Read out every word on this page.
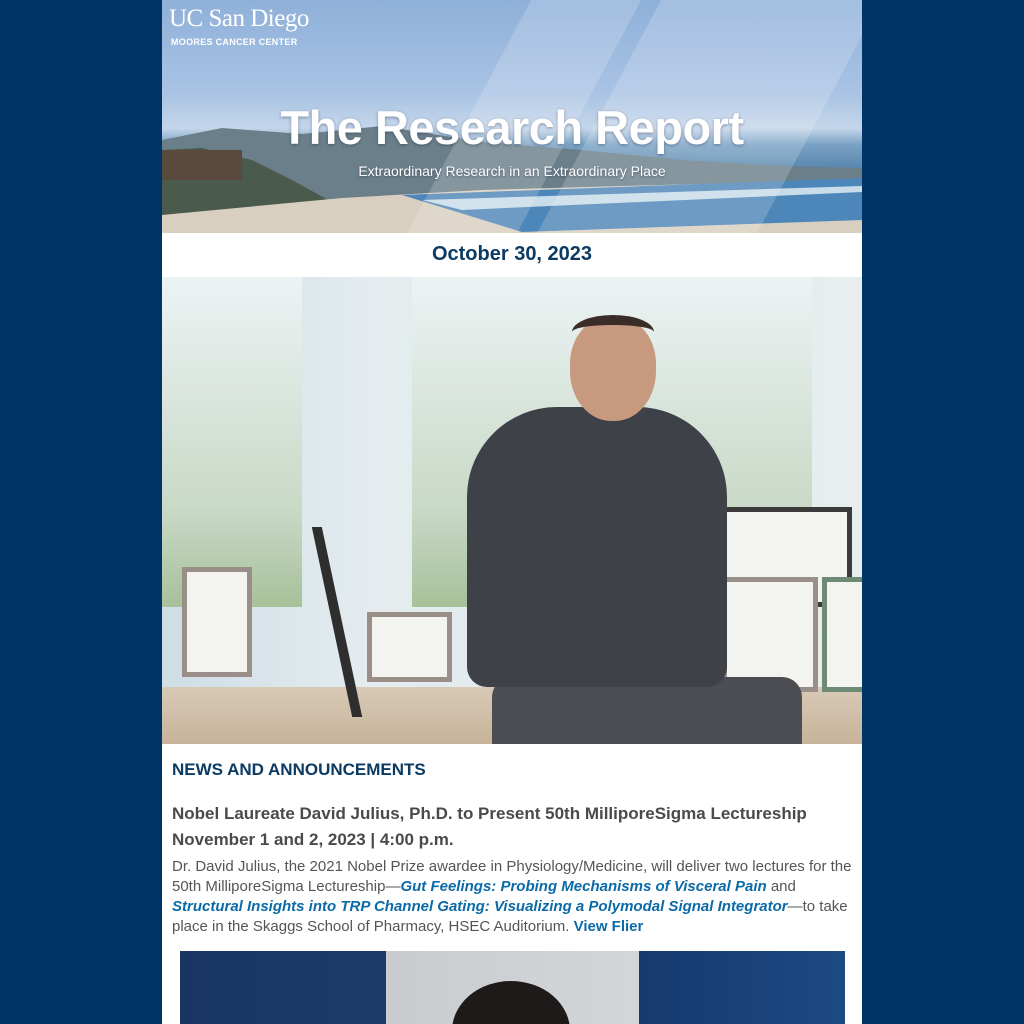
UC San Diego
MOORES CANCER CENTER
The Research Report
Extraordinary Research in an Extraordinary Place
October 30, 2023
NEWS AND ANNOUNCEMENTS
Nobel Laureate David Julius, Ph.D. to Present 50th MilliporeSigma Lectureship
November 1 and 2, 2023 | 4:00 p.m.
Dr. David Julius, the 2021 Nobel Prize awardee in Physiology/Medicine, will deliver two lectures for the 50th MilliporeSigma Lectureship—Gut Feelings: Probing Mechanisms of Visceral Pain and Structural Insights into TRP Channel Gating: Visualizing a Polymodal Signal Integrator—to take place in the Skaggs School of Pharmacy, HSEC Auditorium. View Flier
